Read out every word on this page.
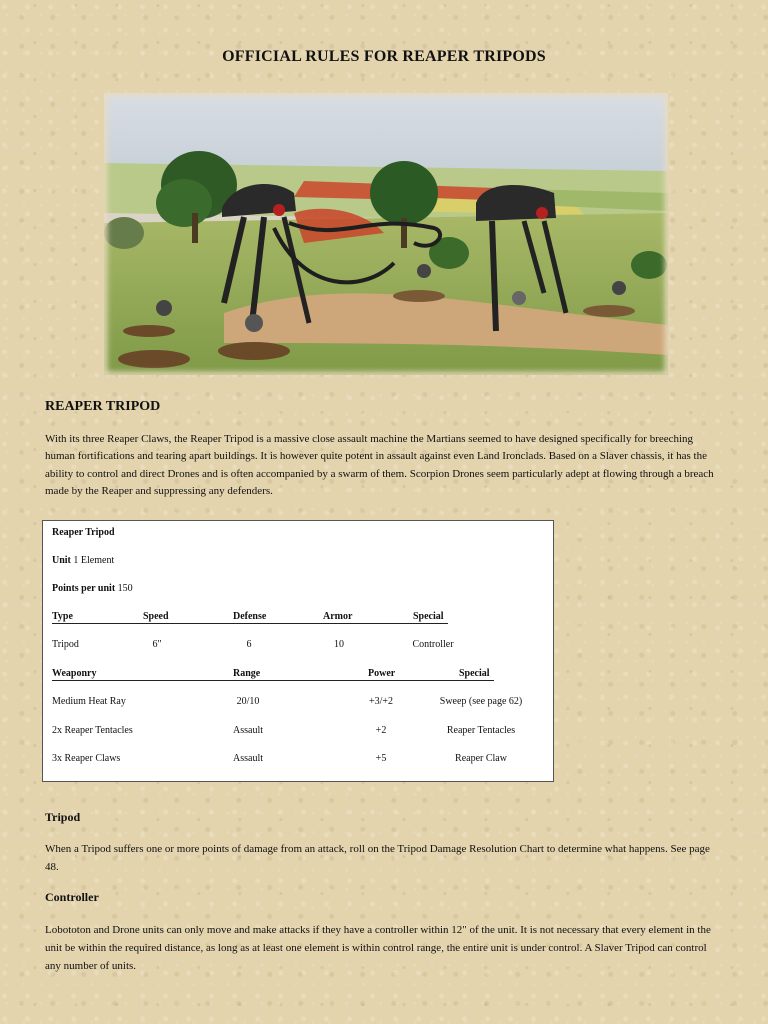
OFFICIAL RULES FOR REAPER TRIPODS
REAPER TRIPOD
With its three Reaper Claws, the Reaper Tripod is a massive close assault machine the Martians seemed to have designed specifically for breeching human fortifications and tearing apart buildings. It is however quite potent in assault against even Land Ironclads. Based on a Slaver chassis, it has the ability to control and direct Drones and is often accompanied by a swarm of them. Scorpion Drones seem particularly adept at flowing through a breach made by the Reaper and suppressing any defenders.
Reaper Tripod
Unit 1 Element
Points per unit 150
Type	Speed	Defense	Armor	Special
Tripod	6"	6	10	Controller
Weaponry	Range	Power	Special
Medium Heat Ray	20/10	+3/+2	Sweep (see page 62)
2x Reaper Tentacles	Assault	+2	Reaper Tentacles
3x Reaper Claws	Assault	+5	Reaper Claw
Tripod
When a Tripod suffers one or more points of damage from an attack, roll on the Tripod Damage Resolution Chart to determine what happens. See page 48.
Controller
Lobototon and Drone units can only move and make attacks if they have a controller within 12" of the unit. It is not necessary that every element in the unit be within the required distance, as long as at least one element is within control range, the entire unit is under control. A Slaver Tripod can control any number of units.
